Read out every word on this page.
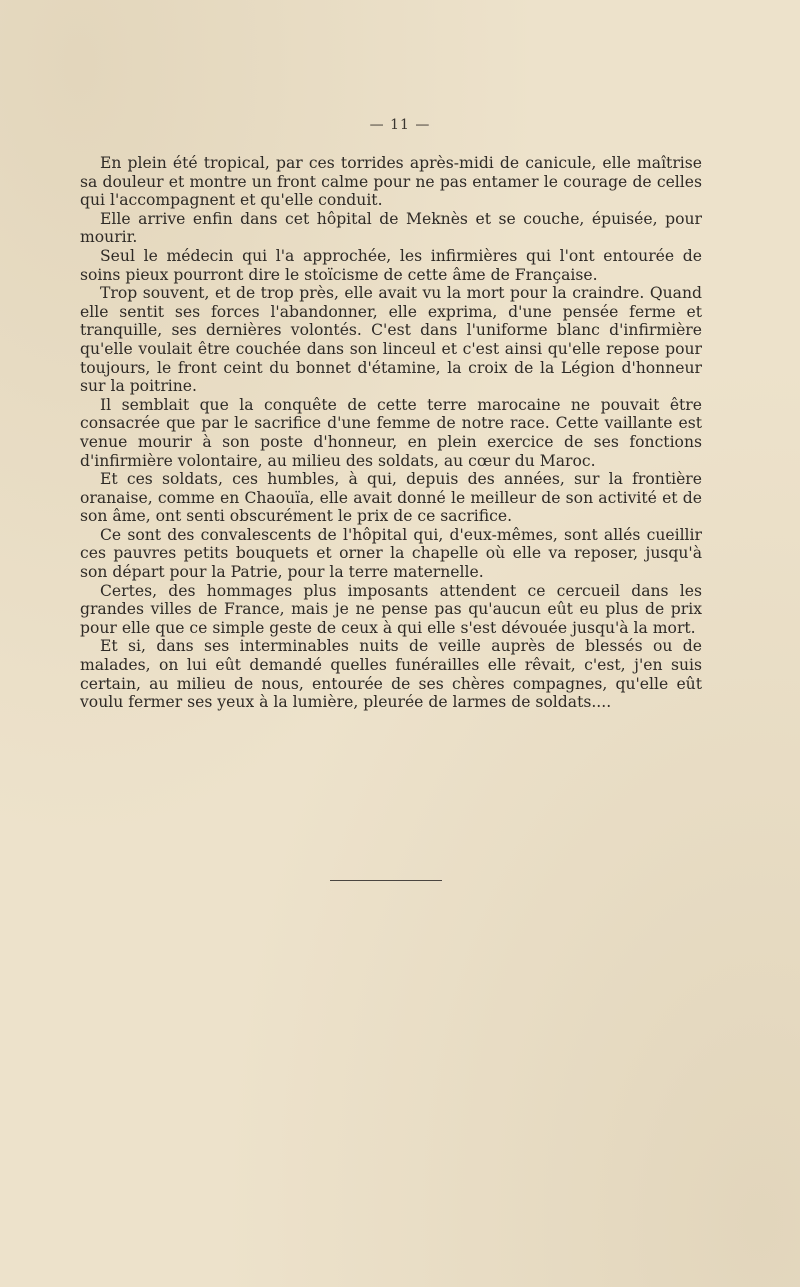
— 11 —

En plein été tropical, par ces torrides après-midi de canicule, elle maîtrise sa douleur et montre un front calme pour ne pas entamer le courage de celles qui l'accompagnent et qu'elle conduit.

Elle arrive enfin dans cet hôpital de Meknès et se couche, épuisée, pour mourir.

Seul le médecin qui l'a approchée, les infirmières qui l'ont entourée de soins pieux pourront dire le stoïcisme de cette âme de Française.

Trop souvent, et de trop près, elle avait vu la mort pour la craindre. Quand elle sentit ses forces l'abandonner, elle exprima, d'une pensée ferme et tranquille, ses dernières volontés. C'est dans l'uniforme blanc d'infirmière qu'elle voulait être couchée dans son linceul et c'est ainsi qu'elle repose pour toujours, le front ceint du bonnet d'étamine, la croix de la Légion d'honneur sur la poitrine.

Il semblait que la conquête de cette terre marocaine ne pouvait être consacrée que par le sacrifice d'une femme de notre race. Cette vaillante est venue mourir à son poste d'honneur, en plein exercice de ses fonctions d'infirmière volontaire, au milieu des soldats, au cœur du Maroc.

Et ces soldats, ces humbles, à qui, depuis des années, sur la frontière oranaise, comme en Chaouïa, elle avait donné le meilleur de son activité et de son âme, ont senti obscurément le prix de ce sacrifice.

Ce sont des convalescents de l'hôpital qui, d'eux-mêmes, sont allés cueillir ces pauvres petits bouquets et orner la chapelle où elle va reposer, jusqu'à son départ pour la Patrie, pour la terre maternelle.

Certes, des hommages plus imposants attendent ce cercueil dans les grandes villes de France, mais je ne pense pas qu'aucun eût eu plus de prix pour elle que ce simple geste de ceux à qui elle s'est dévouée jusqu'à la mort.

Et si, dans ses interminables nuits de veille auprès de blessés ou de malades, on lui eût demandé quelles funérailles elle rêvait, c'est, j'en suis certain, au milieu de nous, entourée de ses chères compagnes, qu'elle eût voulu fermer ses yeux à la lumière, pleurée de larmes de soldats....
